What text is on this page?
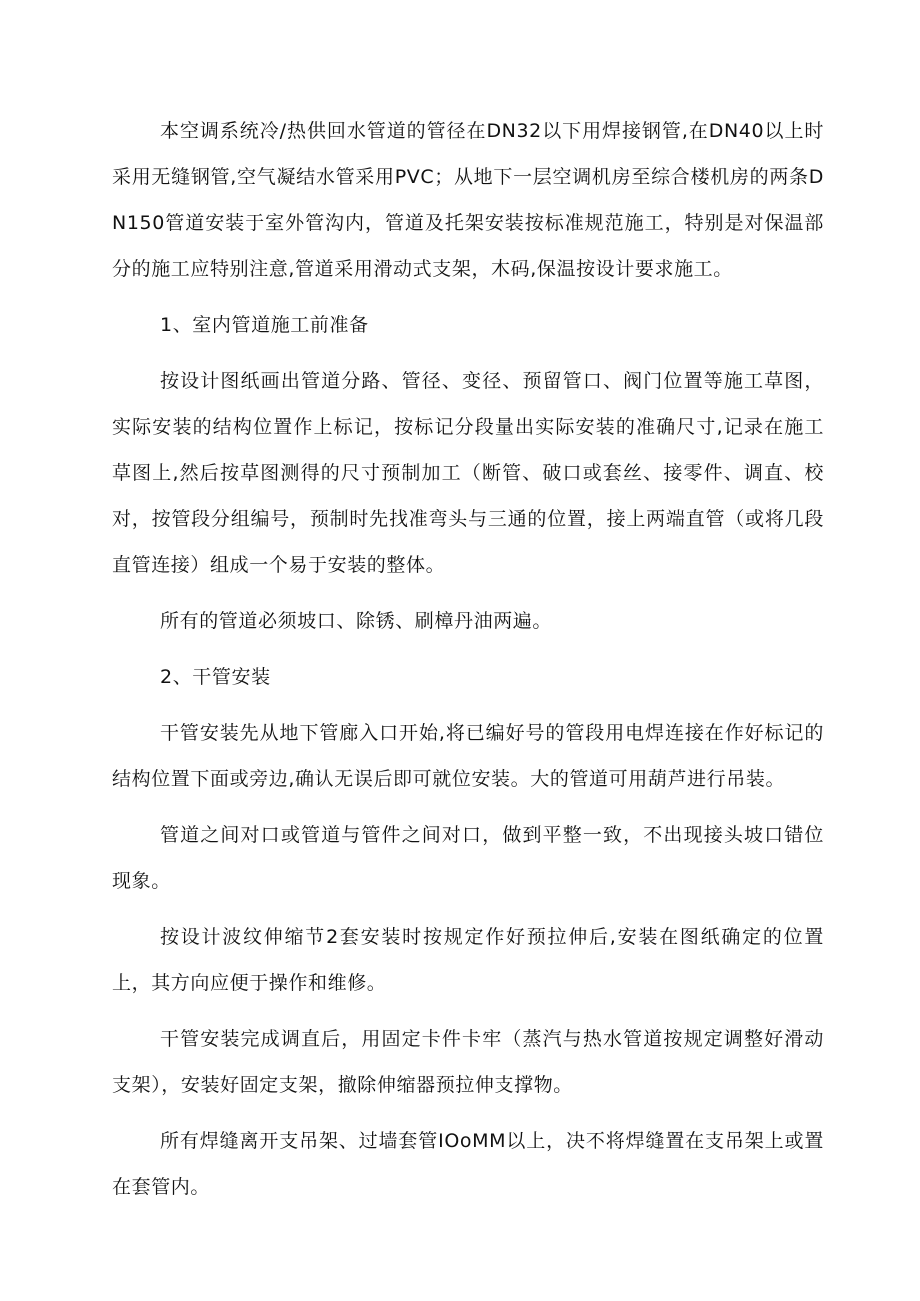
本空调系统冷/热供回水管道的管径在DN32以下用焊接钢管,在DN40以上时采用无缝钢管,空气凝结水管采用PVC；从地下一层空调机房至综合楼机房的两条DN150管道安装于室外管沟内，管道及托架安装按标准规范施工，特别是对保温部分的施工应特别注意,管道采用滑动式支架，木码,保温按设计要求施工。

1、室内管道施工前准备

按设计图纸画出管道分路、管径、变径、预留管口、阀门位置等施工草图，实际安装的结构位置作上标记，按标记分段量出实际安装的准确尺寸,记录在施工草图上,然后按草图测得的尺寸预制加工（断管、破口或套丝、接零件、调直、校对，按管段分组编号，预制时先找准弯头与三通的位置，接上两端直管（或将几段直管连接）组成一个易于安装的整体。

所有的管道必须坡口、除锈、刷樟丹油两遍。

2、干管安装

干管安装先从地下管廊入口开始,将已编好号的管段用电焊连接在作好标记的结构位置下面或旁边,确认无误后即可就位安装。大的管道可用葫芦进行吊装。

管道之间对口或管道与管件之间对口，做到平整一致，不出现接头坡口错位现象。

按设计波纹伸缩节2套安装时按规定作好预拉伸后,安装在图纸确定的位置上，其方向应便于操作和维修。

干管安装完成调直后，用固定卡件卡牢（蒸汽与热水管道按规定调整好滑动支架），安装好固定支架，撤除伸缩器预拉伸支撑物。

所有焊缝离开支吊架、过墙套管IOoMM以上，决不将焊缝置在支吊架上或置在套管内。
